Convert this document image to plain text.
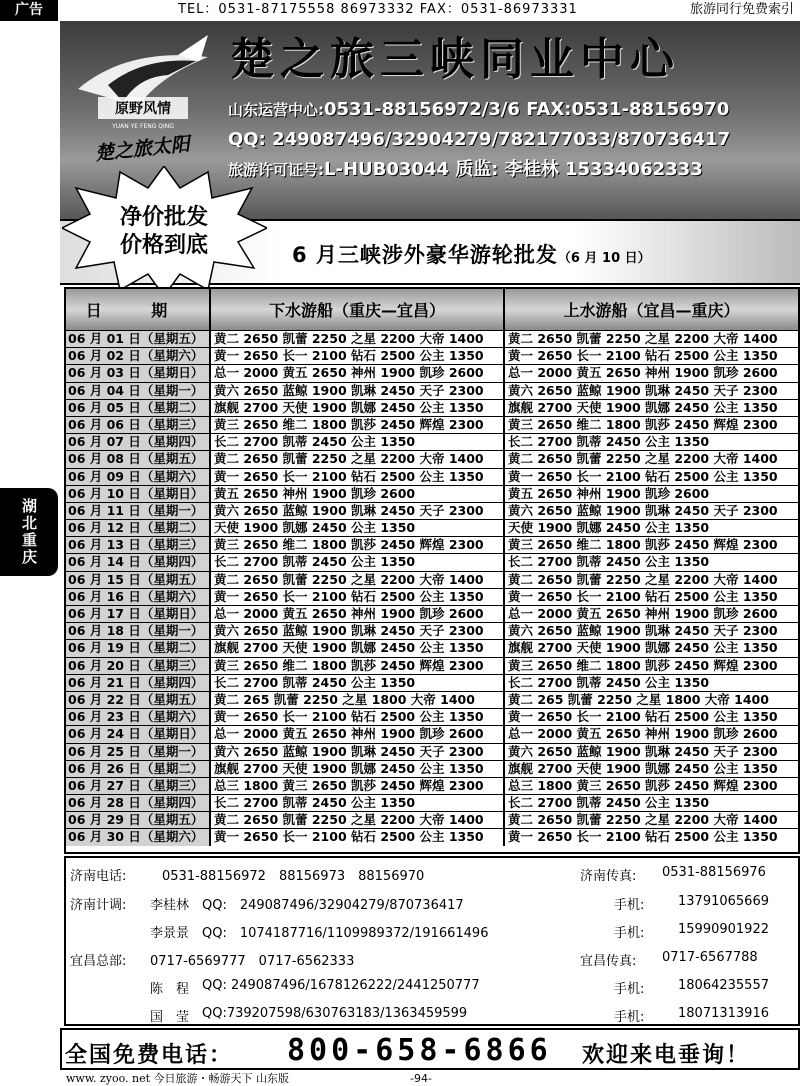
广告	TEL：0531-87175558 86973332 FAX：0531-86973331	旅游同行免费索引
原野风情
YUAN YE FENG QING
楚之旅太阳
楚之旅三峡同业中心
山东运营中心:0531-88156972/3/6 FAX:0531-88156970
QQ: 249087496/32904279/782177033/870736417
旅游许可证号:L-HUB03044 质监: 李桂林 15334062333
6 月三峡涉外豪华游轮批发（6 月 10 日）
净价批发
价格到底
湖北重庆
日 期	下水游船（重庆—宜昌）	上水游船（宜昌—重庆）
06 月 01 日（星期五） 黄二 2650 凯蕾 2250 之星 2200 大帝 1400	黄二 2650 凯蕾 2250 之星 2200 大帝 1400
06 月 02 日（星期六） 黄一 2650 长一 2100 钻石 2500 公主 1350	黄一 2650 长一 2100 钻石 2500 公主 1350
06 月 03 日（星期日） 总一 2000 黄五 2650 神州 1900 凯珍 2600	总一 2000 黄五 2650 神州 1900 凯珍 2600
06 月 04 日（星期一） 黄六 2650 蓝鲸 1900 凯琳 2450 天子 2300	黄六 2650 蓝鲸 1900 凯琳 2450 天子 2300
06 月 05 日（星期二） 旗舰 2700 天使 1900 凯娜 2450 公主 1350	旗舰 2700 天使 1900 凯娜 2450 公主 1350
06 月 06 日（星期三） 黄三 2650 维二 1800 凯莎 2450 辉煌 2300	黄三 2650 维二 1800 凯莎 2450 辉煌 2300
06 月 07 日（星期四） 长二 2700 凯蒂 2450 公主 1350	长二 2700 凯蒂 2450 公主 1350
06 月 08 日（星期五） 黄二 2650 凯蕾 2250 之星 2200 大帝 1400	黄二 2650 凯蕾 2250 之星 2200 大帝 1400
06 月 09 日（星期六） 黄一 2650 长一 2100 钻石 2500 公主 1350	黄一 2650 长一 2100 钻石 2500 公主 1350
06 月 10 日（星期日） 黄五 2650 神州 1900 凯珍 2600	黄五 2650 神州 1900 凯珍 2600
06 月 11 日（星期一） 黄六 2650 蓝鲸 1900 凯琳 2450 天子 2300	黄六 2650 蓝鲸 1900 凯琳 2450 天子 2300
06 月 12 日（星期二） 天使 1900 凯娜 2450 公主 1350	天使 1900 凯娜 2450 公主 1350
06 月 13 日（星期三） 黄三 2650 维二 1800 凯莎 2450 辉煌 2300	黄三 2650 维二 1800 凯莎 2450 辉煌 2300
06 月 14 日（星期四） 长二 2700 凯蒂 2450 公主 1350	长二 2700 凯蒂 2450 公主 1350
06 月 15 日（星期五） 黄二 2650 凯蕾 2250 之星 2200 大帝 1400	黄二 2650 凯蕾 2250 之星 2200 大帝 1400
06 月 16 日（星期六） 黄一 2650 长一 2100 钻石 2500 公主 1350	黄一 2650 长一 2100 钻石 2500 公主 1350
06 月 17 日（星期日） 总一 2000 黄五 2650 神州 1900 凯珍 2600	总一 2000 黄五 2650 神州 1900 凯珍 2600
06 月 18 日（星期一） 黄六 2650 蓝鲸 1900 凯琳 2450 天子 2300	黄六 2650 蓝鲸 1900 凯琳 2450 天子 2300
06 月 19 日（星期二） 旗舰 2700 天使 1900 凯娜 2450 公主 1350	旗舰 2700 天使 1900 凯娜 2450 公主 1350
06 月 20 日（星期三） 黄三 2650 维二 1800 凯莎 2450 辉煌 2300	黄三 2650 维二 1800 凯莎 2450 辉煌 2300
06 月 21 日（星期四） 长二 2700 凯蒂 2450 公主 1350	长二 2700 凯蒂 2450 公主 1350
06 月 22 日（星期五） 黄二 265 凯蕾 2250 之星 1800 大帝 1400	黄二 265 凯蕾 2250 之星 1800 大帝 1400
06 月 23 日（星期六） 黄一 2650 长一 2100 钻石 2500 公主 1350	黄一 2650 长一 2100 钻石 2500 公主 1350
06 月 24 日（星期日） 总一 2000 黄五 2650 神州 1900 凯珍 2600	总一 2000 黄五 2650 神州 1900 凯珍 2600
06 月 25 日（星期一） 黄六 2650 蓝鲸 1900 凯琳 2450 天子 2300	黄六 2650 蓝鲸 1900 凯琳 2450 天子 2300
06 月 26 日（星期二） 旗舰 2700 天使 1900 凯娜 2450 公主 1350	旗舰 2700 天使 1900 凯娜 2450 公主 1350
06 月 27 日（星期三） 总三 1800 黄三 2650 凯莎 2450 辉煌 2300	总三 1800 黄三 2650 凯莎 2450 辉煌 2300
06 月 28 日（星期四） 长二 2700 凯蒂 2450 公主 1350	长二 2700 凯蒂 2450 公主 1350
06 月 29 日（星期五） 黄二 2650 凯蕾 2250 之星 2200 大帝 1400	黄二 2650 凯蕾 2250 之星 2200 大帝 1400
06 月 30 日（星期六） 黄一 2650 长一 2100 钻石 2500 公主 1350	黄一 2650 长一 2100 钻石 2500 公主 1350
济南电话:	0531-88156972　88156973　88156970	济南传真: 0531-88156976
济南计调: 李桂林 QQ:　249087496/32904279/870736417	手机:	13791065669
李景景 QQ:　1074187716/1109989372/191661496	手机:	15990901922
宜昌总部: 0717-6569777　0717-6562333	宜昌传真: 0717-6567788
陈　程 QQ: 249087496/1678126222/2441250777	手机:	18064235557
国　莹 QQ:739207598/630763183/1363459599	手机:	18071313916
全国免费电话： 800-658-6866 欢迎来电垂询！
www. zyoo. net 今日旅游・畅游天下 山东版	-94-
